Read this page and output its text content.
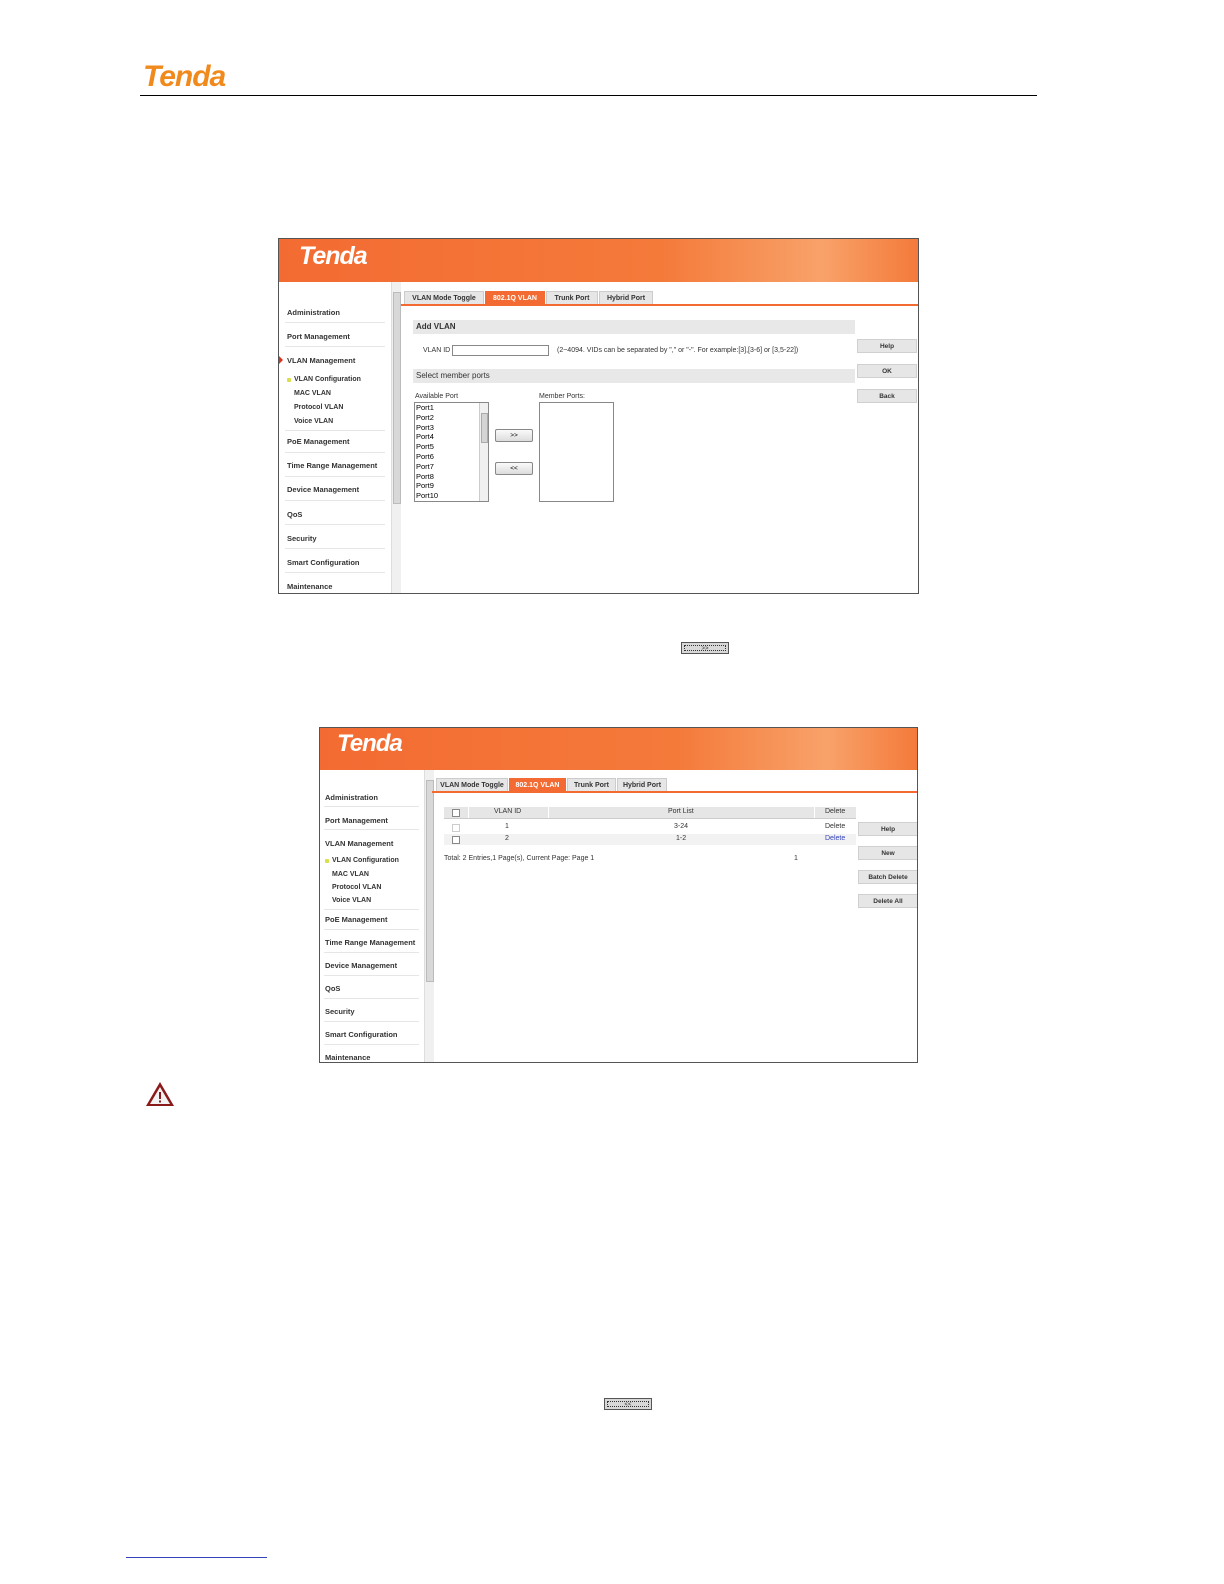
Tenda
Tenda
Administration
Port Management
VLAN Management
VLAN Configuration
MAC VLAN
Protocol VLAN
Voice VLAN
PoE Management
Time Range Management
Device Management
QoS
Security
Smart Configuration
Maintenance
VLAN Mode Toggle	802.1Q VLAN	Trunk Port	Hybrid Port
Add VLAN
VLAN ID	(2~4094. VIDs can be separated by "," or "-". For example:[3],[3-6] or [3,5-22])
Select member ports
Available Port	Member Ports:
Port1
Port2
Port3
Port4
Port5
Port6
Port7
Port8
Port9
Port10
>>
<<
Help
OK
Back
>>
Tenda
Administration
Port Management
VLAN Management
VLAN Configuration
MAC VLAN
Protocol VLAN
Voice VLAN
PoE Management
Time Range Management
Device Management
QoS
Security
Smart Configuration
Maintenance
VLAN Mode Toggle	802.1Q VLAN	Trunk Port	Hybrid Port
VLAN ID	Port List	Delete
1	3-24	Delete
2	1-2	Delete
Total: 2 Entries,1 Page(s), Current Page: Page 1	1
Help
New
Batch Delete
Delete All
<<
